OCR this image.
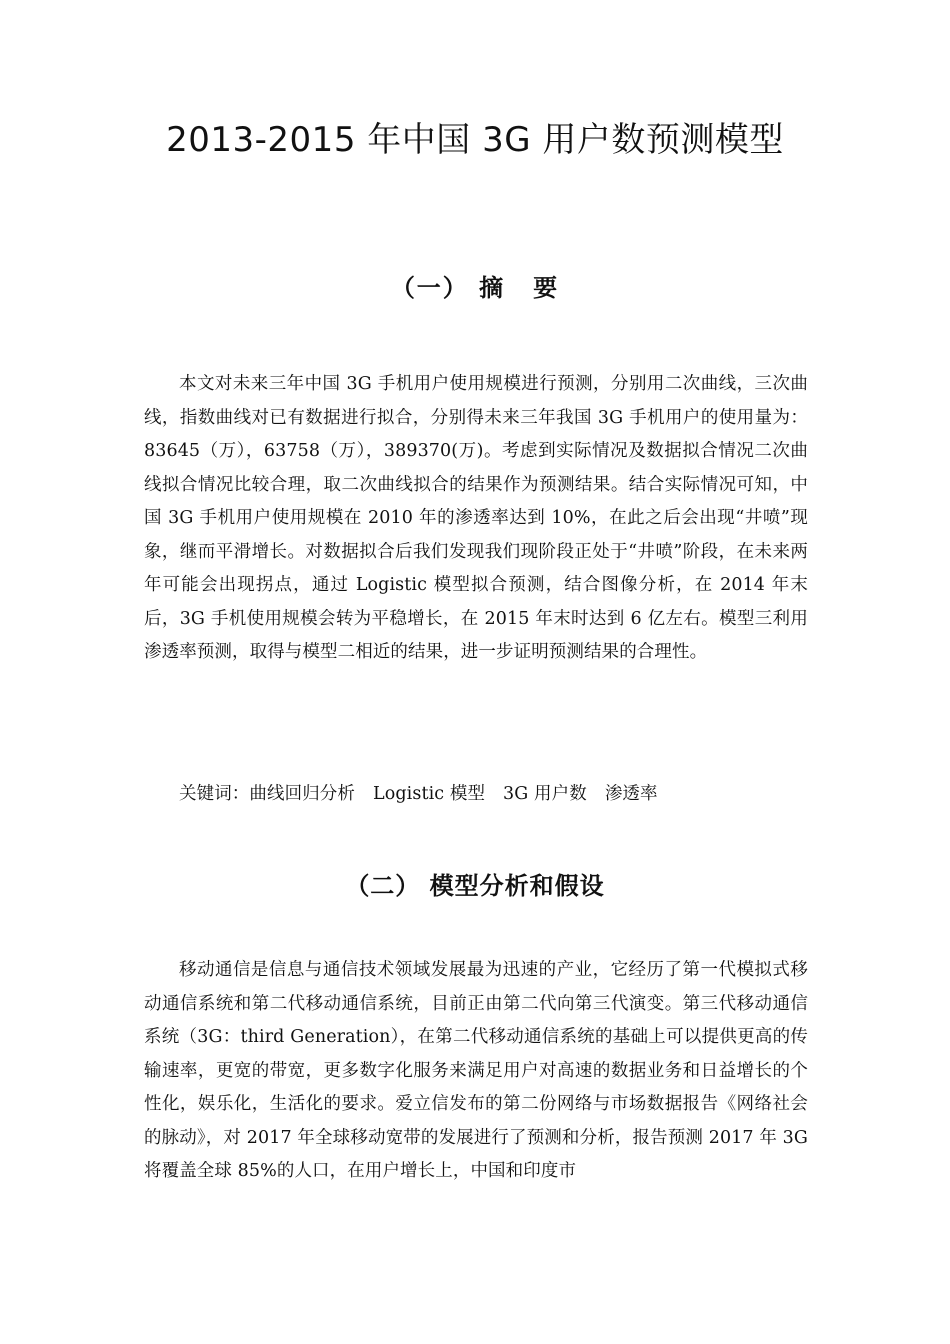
2013-2015 年中国 3G 用户数预测模型
（一） 摘 要

本文对未来三年中国 3G 手机用户使用规模进行预测，分别用二次曲线，三次曲线，指数曲线对已有数据进行拟合，分别得未来三年我国 3G 手机用户的使用量为：83645（万），63758（万），389370(万)。考虑到实际情况及数据拟合情况二次曲线拟合情况比较合理，取二次曲线拟合的结果作为预测结果。结合实际情况可知，中国 3G 手机用户使用规模在 2010 年的渗透率达到 10%，在此之后会出现“井喷”现象，继而平滑增长。对数据拟合后我们发现我们现阶段正处于“井喷”阶段，在未来两年可能会出现拐点，通过 Logistic 模型拟合预测，结合图像分析，在 2014 年末后，3G 手机使用规模会转为平稳增长，在 2015 年末时达到 6 亿左右。模型三利用渗透率预测，取得与模型二相近的结果，进一步证明预测结果的合理性。

关键词：曲线回归分析 Logistic 模型 3G 用户数 渗透率

（二） 模型分析和假设

移动通信是信息与通信技术领域发展最为迅速的产业，它经历了第一代模拟式移动通信系统和第二代移动通信系统，目前正由第二代向第三代演变。第三代移动通信系统（3G：third Generation），在第二代移动通信系统的基础上可以提供更高的传输速率，更宽的带宽，更多数字化服务来满足用户对高速的数据业务和日益增长的个性化，娱乐化，生活化的要求。爱立信发布的第二份网络与市场数据报告《网络社会的脉动》，对 2017 年全球移动宽带的发展进行了预测和分析，报告预测 2017 年 3G 将覆盖全球 85%的人口，在用户增长上，中国和印度市
